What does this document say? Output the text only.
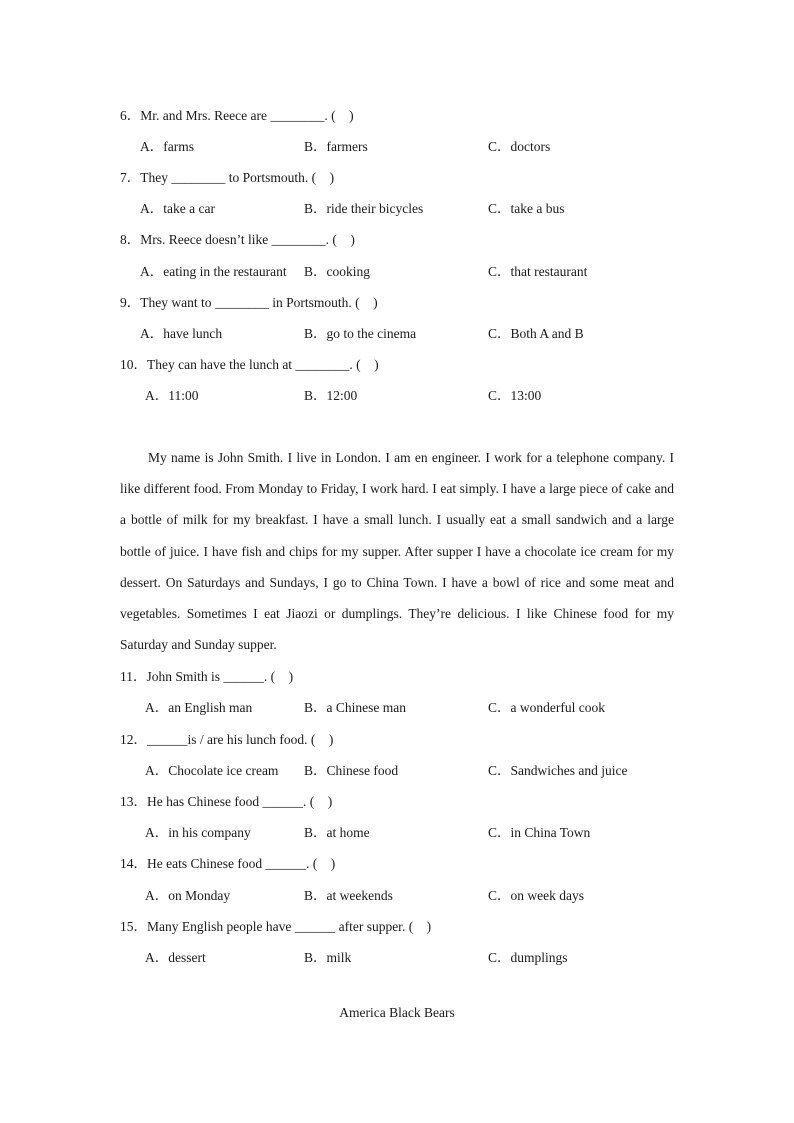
6．Mr. and Mrs. Reece are ________. (　)
A．farms	B．farmers	C．doctors
7．They ________ to Portsmouth. (　)
A．take a car	B．ride their bicycles	C．take a bus
8．Mrs. Reece doesn’t like ________. (　)
A．eating in the restaurant B．cooking	C．that restaurant
9．They want to ________ in Portsmouth. (　)
A．have lunch	B．go to the cinema	C．Both A and B
10．They can have the lunch at ________. (　)
A．11:00	B．12:00	C．13:00

My name is John Smith. I live in London. I am en engineer. I work for a telephone company. I like different food. From Monday to Friday, I work hard. I eat simply. I have a large piece of cake and a bottle of milk for my breakfast. I have a small lunch. I usually eat a small sandwich and a large bottle of juice. I have fish and chips for my supper. After supper I have a chocolate ice cream for my dessert. On Saturdays and Sundays, I go to China Town. I have a bowl of rice and some meat and vegetables. Sometimes I eat Jiaozi or dumplings. They’re delicious. I like Chinese food for my Saturday and Sunday supper.

11．John Smith is ______. (　)
A．an English man	B．a Chinese man	C．a wonderful cook
12．______is / are his lunch food. (　)
A．Chocolate ice cream B．Chinese food	C．Sandwiches and juice
13．He has Chinese food ______. (　)
A．in his company	B．at home	C．in China Town
14．He eats Chinese food ______. (　)
A．on Monday	B．at weekends	C．on week days
15．Many English people have ______ after supper. (　)
A．dessert	B．milk	C．dumplings
America Black Bears
